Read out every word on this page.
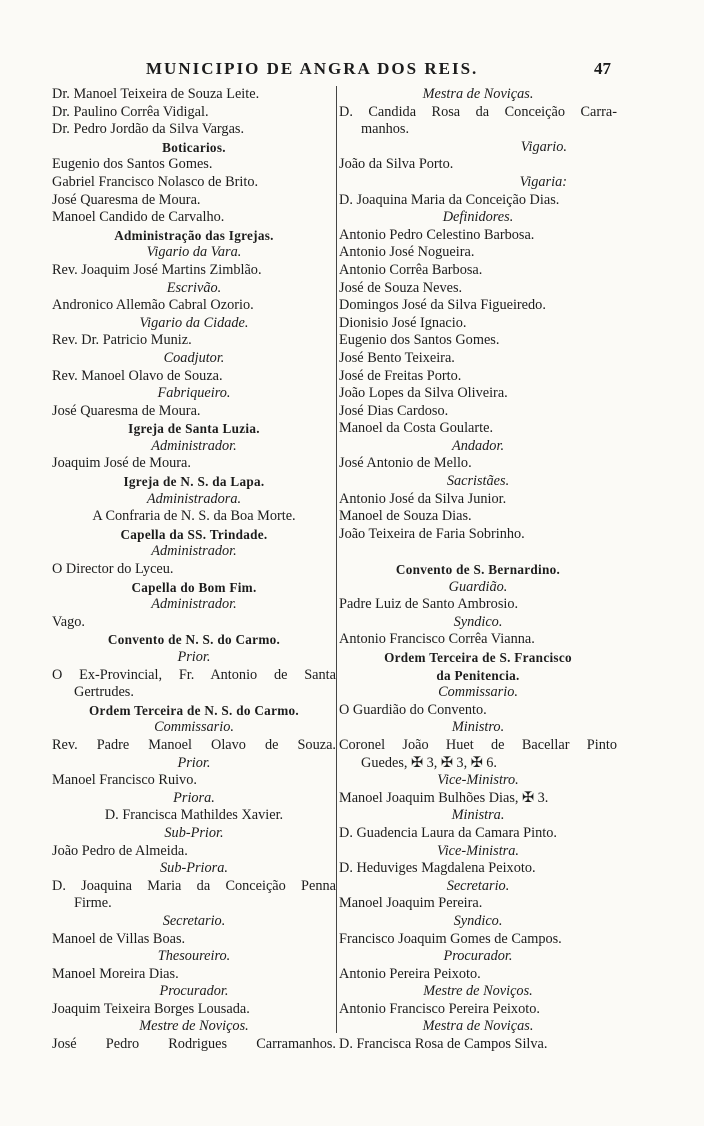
MUNICIPIO DE ANGRA DOS REIS.	47
Dr. Manoel Teixeira de Souza Leite.
Dr. Paulino Corrêa Vidigal.
Dr. Pedro Jordão da Silva Vargas.
Boticarios.
Eugenio dos Santos Gomes.
Gabriel Francisco Nolasco de Brito.
José Quaresma de Moura.
Manoel Candido de Carvalho.
Administração das Igrejas.
Vigario da Vara.
Rev. Joaquim José Martins Zimblão.
Escrivão.
Andronico Allemão Cabral Ozorio.
Vigario da Cidade.
Rev. Dr. Patricio Muniz.
Coadjutor.
Rev. Manoel Olavo de Souza.
Fabriqueiro.
José Quaresma de Moura.
Igreja de Santa Luzia.
Administrador.
Joaquim José de Moura.
Igreja de N. S. da Lapa.
Administradora.
A Confraria de N. S. da Boa Morte.
Capella da SS. Trindade.
Administrador.
O Director do Lyceu.
Capella do Bom Fim.
Administrador.
Vago.
Convento de N. S. do Carmo.
Prior.
O Ex-Provincial, Fr. Antonio de Santa
Gertrudes.
Ordem Terceira de N. S. do Carmo.
Commissario.
Rev. Padre Manoel Olavo de Souza.
Prior.
Manoel Francisco Ruivo.
Priora.
D. Francisca Mathildes Xavier.
Sub-Prior.
João Pedro de Almeida.
Sub-Priora.
D. Joaquina Maria da Conceição Penna
Firme.
Secretario.
Manoel de Villas Boas.
Thesoureiro.
Manoel Moreira Dias.
Procurador.
Joaquim Teixeira Borges Lousada.
Mestre de Noviços.
José Pedro Rodrigues Carramanhos.
Mestra de Noviças.
D. Candida Rosa da Conceição Carra-
manhos.
Vigario.
João da Silva Porto.
Vigaria:
D. Joaquina Maria da Conceição Dias.
Definidores.
Antonio Pedro Celestino Barbosa.
Antonio José Nogueira.
Antonio Corrêa Barbosa.
José de Souza Neves.
Domingos José da Silva Figueiredo.
Dionisio José Ignacio.
Eugenio dos Santos Gomes.
José Bento Teixeira.
José de Freitas Porto.
João Lopes da Silva Oliveira.
José Dias Cardoso.
Manoel da Costa Goularte.
Andador.
José Antonio de Mello.
Sacristães.
Antonio José da Silva Junior.
Manoel de Souza Dias.
João Teixeira de Faria Sobrinho.

Convento de S. Bernardino.
Guardião.
Padre Luiz de Santo Ambrosio.
Syndico.
Antonio Francisco Corrêa Vianna.
Ordem Terceira de S. Francisco
da Penitencia.
Commissario.
O Guardião do Convento.
Ministro.
Coronel João Huet de Bacellar Pinto
Guedes, ✠ 3, ✠ 3, ✠ 6.
Vice-Ministro.
Manoel Joaquim Bulhões Dias, ✠ 3.
Ministra.
D. Guadencia Laura da Camara Pinto.
Vice-Ministra.
D. Heduviges Magdalena Peixoto.
Secretario.
Manoel Joaquim Pereira.
Syndico.
Francisco Joaquim Gomes de Campos.
Procurador.
Antonio Pereira Peixoto.
Mestre de Noviços.
Antonio Francisco Pereira Peixoto.
Mestra de Noviças.
D. Francisca Rosa de Campos Silva.
